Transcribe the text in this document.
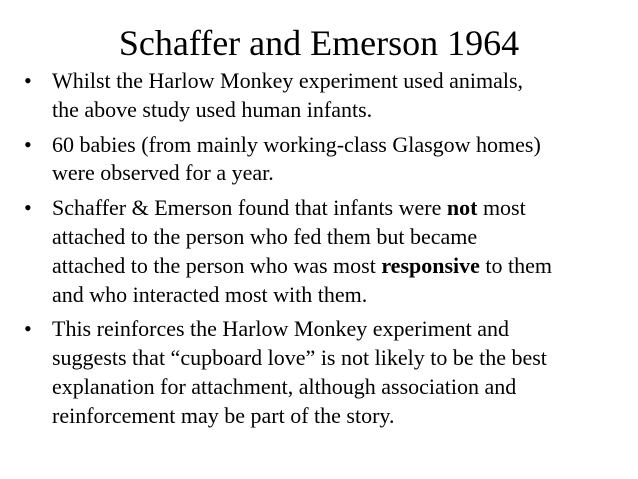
Schaffer and Emerson 1964
• Whilst the Harlow Monkey experiment used animals,
the above study used human infants.
• 60 babies (from mainly working-class Glasgow homes)
were observed for a year.
• Schaffer & Emerson found that infants were not most
attached to the person who fed them but became
attached to the person who was most responsive to them
and who interacted most with them.
• This reinforces the Harlow Monkey experiment and
suggests that “cupboard love” is not likely to be the best
explanation for attachment, although association and
reinforcement may be part of the story.
